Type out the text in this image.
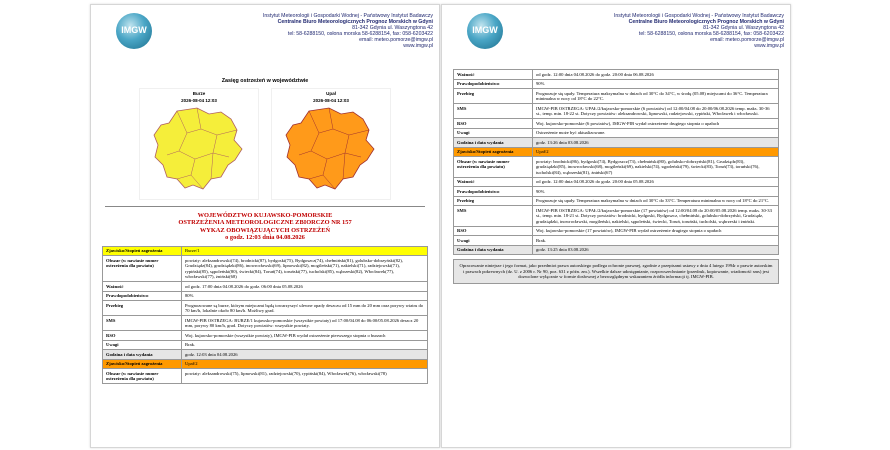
IMGW
Instytut Meteorologii i Gospodarki Wodnej - Państwowy Instytut Badawczy
Centralne Biuro Meteorologicznych Prognoz Morskich w Gdyni
81-342 Gdynia ul. Waszyngtona 42
tel: 58-6288150, osłona morska 58-6288154, fax: 058-6203422
email: meteo.pomorze@imgw.pl
www.imgw.pl
Zasięg ostrzeżeń w województwie
Burze
2026-08-04 12:03
Upał
2026-08-04 12:03
WOJEWÓDZTWO KUJAWSKO-POMORSKIE
OSTRZEŻENIA METEOROLOGICZNE ZBIORCZO NR 157
WYKAZ OBOWIĄZUJĄCYCH OSTRZEŻEŃ
o godz. 12:03 dnia 04.08.2026
Zjawisko/Stopień zagrożenia	Burze/1
Obszar (w nawiasie numer ostrzeżenia dla powiatu)	powiaty: aleksandrowski(74), brodnicki(87), bydgoski(75), Bydgoszcz(74), chełmiński(81), golubsko-dobrzyński(82), Grudziądz(84), grudziądzki(86), inowrocławski(69), lipnowski(82), mogileński(71), nakielski(71), radziejowski(71), rypiński(85), sępoleński(80), świecki(84), Toruń(74), toruński(77), tucholski(85), wąbrzeski(82), Włocławek(77), włocławski(77), żniński(68)
Ważność	od godz. 17:00 dnia 04.08.2026 do godz. 06:00 dnia 05.08.2026
Prawdopodobieństwo	80%
Przebieg	Prognozowane są burze, którym miejscami będą towarzyszyć ulewne opady deszczu od 15 mm do 20 mm oraz porywy wiatru do 70 km/h, lokalnie około 80 km/h. Możliwy grad.
SMS	IMGW-PIB OSTRZEGA: BURZE/1 kujawsko-pomorskie (wszystkie powiaty) od 17:00/04.08 do 06:00/05.08.2026 deszcz 20 mm, porywy 80 km/h, grad. Dotyczy powiatów: wszystkie powiaty.
RSO	Woj. kujawsko-pomorskie (wszystkie powiaty), IMGW-PIB wydał ostrzeżenie pierwszego stopnia o burzach
Uwagi	Brak.
Godzina i data wydania	godz. 12:03 dnia 04.08.2026
Zjawisko/Stopień zagrożenia	Upał/2
Obszar (w nawiasie numer ostrzeżenia dla powiatu)	powiaty: aleksandrowski(75), lipnowski(81), radziejowski(70), rypiński(84), Włocławek(76), włocławski(78)
IMGW
Instytut Meteorologii i Gospodarki Wodnej - Państwowy Instytut Badawczy
Centralne Biuro Meteorologicznych Prognoz Morskich w Gdyni
81-342 Gdynia ul. Waszyngtona 42
tel: 58-6288150, osłona morska 58-6288154, fax: 058-6203422
email: meteo.pomorze@imgw.pl
www.imgw.pl
Ważność	od godz. 12:00 dnia 04.08.2026 do godz. 20:00 dnia 06.08.2026
Prawdopodobieństwo	90%
Przebieg	Prognozuje się upały. Temperatura maksymalna w dniach od 30°C do 34°C, w środę (05.08) miejscami do 36°C. Temperatura minimalna w nocy od 18°C do 22°C.
SMS	IMGW-PIB OSTRZEGA: UPAŁ/2/kujawsko-pomorskie (6 powiatów) od 12:00/04.08 do 20:00/06.08.2026 temp. maks. 30-36 st., temp. min. 18-22 st. Dotyczy powiatów: aleksandrowski, lipnowski, radziejowski, rypiński, Włocławek i włocławski.
RSO	Woj. kujawsko-pomorskie (6 powiatów), IMGW-PIB wydał ostrzeżenie drugiego stopnia o upałach
Uwagi	Ostrzeżenie może być aktualizowane.
Godzina i data wydania	godz. 13:26 dnia 03.08.2026
Zjawisko/Stopień zagrożenia	Upał/2
Obszar (w nawiasie numer ostrzeżenia dla powiatu)	powiaty: brodnicki(86), bydgoski(74), Bydgoszcz(73), chełmiński(80), golubsko-dobrzyński(81), Grudziądz(83), grudziądzki(85), inowrocławski(68), mogileński(69), nakielski(74), sępoleński(79), świecki(83), Toruń(73), toruński(76), tucholski(84), wąbrzeski(81), żniński(67)
Ważność	od godz. 12:00 dnia 04.08.2026 do godz. 20:00 dnia 05.08.2026
Prawdopodobieństwo	90%
Przebieg	Prognozuje się upały. Temperatura maksymalna w dniach od 30°C do 33°C. Temperatura minimalna w nocy od 18°C do 21°C.
SMS	IMGW-PIB OSTRZEGA: UPAŁ/2/kujawsko-pomorskie (17 powiatów) od 12:00/04.08 do 20:00/05.08.2026 temp. maks. 30-33 st., temp. min. 18-21 st. Dotyczy powiatów: brodnicki, bydgoski, Bydgoszcz, chełmiński, golubsko-dobrzyński, Grudziądz, grudziądzki, inowrocławski, mogileński, nakielski, sępoleński, świecki, Toruń, toruński, tucholski, wąbrzeski i żniński.
RSO	Woj. kujawsko-pomorskie (17 powiatów), IMGW-PIB wydał ostrzeżenie drugiego stopnia o upałach
Uwagi	Brak.
Godzina i data wydania	godz. 13:25 dnia 03.08.2026
Opracowanie niniejsze i jego format, jako przedmiot prawa autorskiego podlega ochronie prawnej, zgodnie z przepisami ustawy z dnia 4 lutego 1994r o prawie autorskim i prawach pokrewnych (dz. U. z 2006 r. Nr 90, poz. 631 z późn. zm.). Wszelkie dalsze udostępnianie, rozpowszechnianie (przedruk, kopiowanie, wiadomość sms) jest dozwolone wyłącznie w formie dosłownej z bezwzględnym wskazaniem źródła informacji tj. IMGW-PIB.
